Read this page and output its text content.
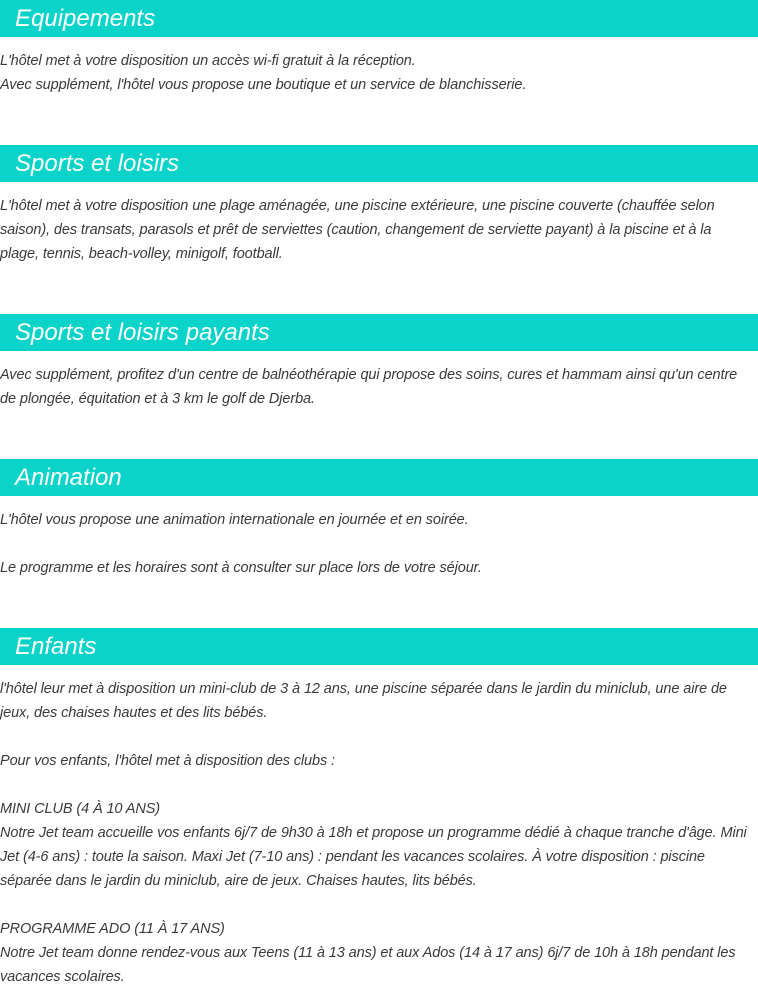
Equipements

L'hôtel met à votre disposition un accès wi-fi gratuit à la réception.

Avec supplément, l'hôtel vous propose une boutique et un service de blanchisserie.

Sports et loisirs

L'hôtel met à votre disposition une plage aménagée, une piscine extérieure, une piscine couverte (chauffée selon saison), des transats, parasols et prêt de serviettes (caution, changement de serviette payant) à la piscine et à la plage, tennis, beach-volley, minigolf, football.

Sports et loisirs payants

Avec supplément, profitez d'un centre de balnéothérapie qui propose des soins, cures et hammam ainsi qu'un centre de plongée, équitation et à 3 km le golf de Djerba.

Animation

L'hôtel vous propose une animation internationale en journée et en soirée.

Le programme et les horaires sont à consulter sur place lors de votre séjour.

Enfants

l'hôtel leur met à disposition un mini-club de 3 à 12 ans, une piscine séparée dans le jardin du miniclub, une aire de jeux, des chaises hautes et des lits bébés.

Pour vos enfants, l'hôtel met à disposition des clubs :

MINI CLUB (4 À 10 ANS)

Notre Jet team accueille vos enfants 6j/7 de 9h30 à 18h et propose un programme dédié à chaque tranche d'âge. Mini Jet (4-6 ans) : toute la saison. Maxi Jet (7-10 ans) : pendant les vacances scolaires. À votre disposition : piscine séparée dans le jardin du miniclub, aire de jeux. Chaises hautes, lits bébés.

PROGRAMME ADO (11 À 17 ANS)

Notre Jet team donne rendez-vous aux Teens (11 à 13 ans) et aux Ados (14 à 17 ans) 6j/7 de 10h à 18h pendant les vacances scolaires.
